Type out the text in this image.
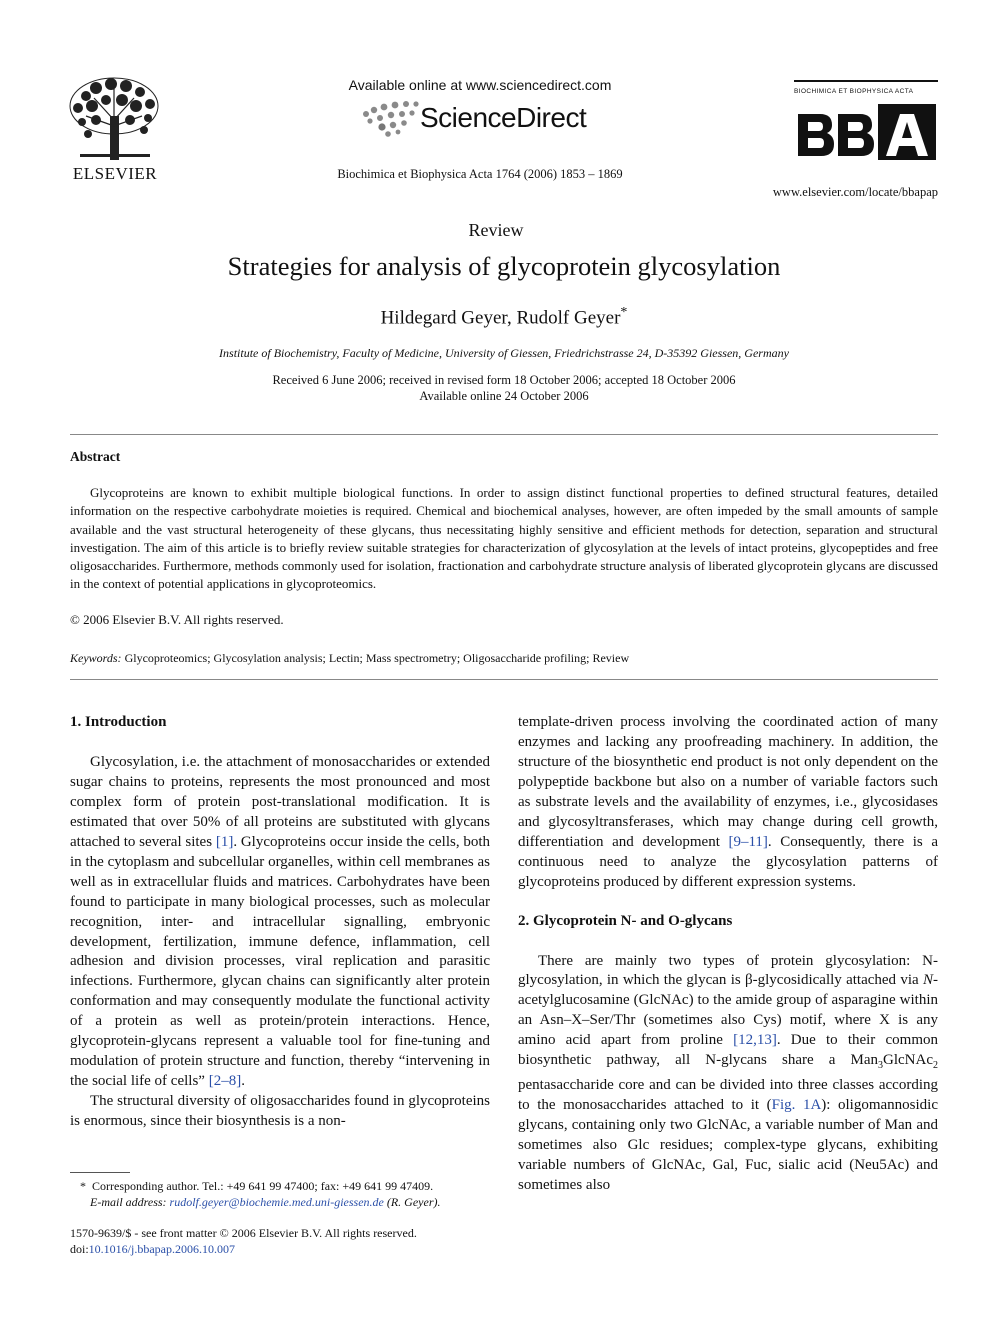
ELSEVIER
Available online at www.sciencedirect.com
ScienceDirect
Biochimica et Biophysica Acta 1764 (2006) 1853 – 1869
BIOCHIMICA ET BIOPHYSICA ACTA
www.elsevier.com/locate/bbapap
Review
Strategies for analysis of glycoprotein glycosylation
Hildegard Geyer, Rudolf Geyer*
Institute of Biochemistry, Faculty of Medicine, University of Giessen, Friedrichstrasse 24, D-35392 Giessen, Germany
Received 6 June 2006; received in revised form 18 October 2006; accepted 18 October 2006
Available online 24 October 2006
Abstract
Glycoproteins are known to exhibit multiple biological functions. In order to assign distinct functional properties to defined structural features, detailed information on the respective carbohydrate moieties is required. Chemical and biochemical analyses, however, are often impeded by the small amounts of sample available and the vast structural heterogeneity of these glycans, thus necessitating highly sensitive and efficient methods for detection, separation and structural investigation. The aim of this article is to briefly review suitable strategies for characterization of glycosylation at the levels of intact proteins, glycopeptides and free oligosaccharides. Furthermore, methods commonly used for isolation, fractionation and carbohydrate structure analysis of liberated glycoprotein glycans are discussed in the context of potential applications in glycoproteomics.
© 2006 Elsevier B.V. All rights reserved.
Keywords: Glycoproteomics; Glycosylation analysis; Lectin; Mass spectrometry; Oligosaccharide profiling; Review
1. Introduction

Glycosylation, i.e. the attachment of monosaccharides or extended sugar chains to proteins, represents the most pronounced and most complex form of protein post-translational modification. It is estimated that over 50% of all proteins are substituted with glycans attached to several sites [1]. Glycoproteins occur inside the cells, both in the cytoplasm and subcellular organelles, within cell membranes as well as in extracellular fluids and matrices. Carbohydrates have been found to participate in many biological processes, such as molecular recognition, inter- and intracellular signalling, embryonic development, fertilization, immune defence, inflammation, cell adhesion and division processes, viral replication and parasitic infections. Furthermore, glycan chains can significantly alter protein conformation and may consequently modulate the functional activity of a protein as well as protein/protein interactions. Hence, glycoprotein-glycans represent a valuable tool for fine-tuning and modulation of protein structure and function, thereby “intervening in the social life of cells” [2–8].

The structural diversity of oligosaccharides found in glycoproteins is enormous, since their biosynthesis is a non-

template-driven process involving the coordinated action of many enzymes and lacking any proofreading machinery. In addition, the structure of the biosynthetic end product is not only dependent on the polypeptide backbone but also on a number of variable factors such as substrate levels and the availability of enzymes, i.e., glycosidases and glycosyltransferases, which may change during cell growth, differentiation and development [9–11]. Consequently, there is a continuous need to analyze the glycosylation patterns of glycoproteins produced by different expression systems.

2. Glycoprotein N- and O-glycans

There are mainly two types of protein glycosylation: N-glycosylation, in which the glycan is β-glycosidically attached via N-acetylglucosamine (GlcNAc) to the amide group of asparagine within an Asn–X–Ser/Thr (sometimes also Cys) motif, where X is any amino acid apart from proline [12,13]. Due to their common biosynthetic pathway, all N-glycans share a Man$_3$GlcNAc$_2$ pentasaccharide core and can be divided into three classes according to the monosaccharides attached to it (Fig. 1A): oligomannosidic glycans, containing only two GlcNAc, a variable number of Man and sometimes also Glc residues; complex-type glycans, exhibiting variable numbers of GlcNAc, Gal, Fuc, sialic acid (Neu5Ac) and sometimes also

* Corresponding author. Tel.: +49 641 99 47400; fax: +49 641 99 47409.
E-mail address: rudolf.geyer@biochemie.med.uni-giessen.de (R. Geyer).
1570-9639/$ - see front matter © 2006 Elsevier B.V. All rights reserved.
doi:10.1016/j.bbapap.2006.10.007
